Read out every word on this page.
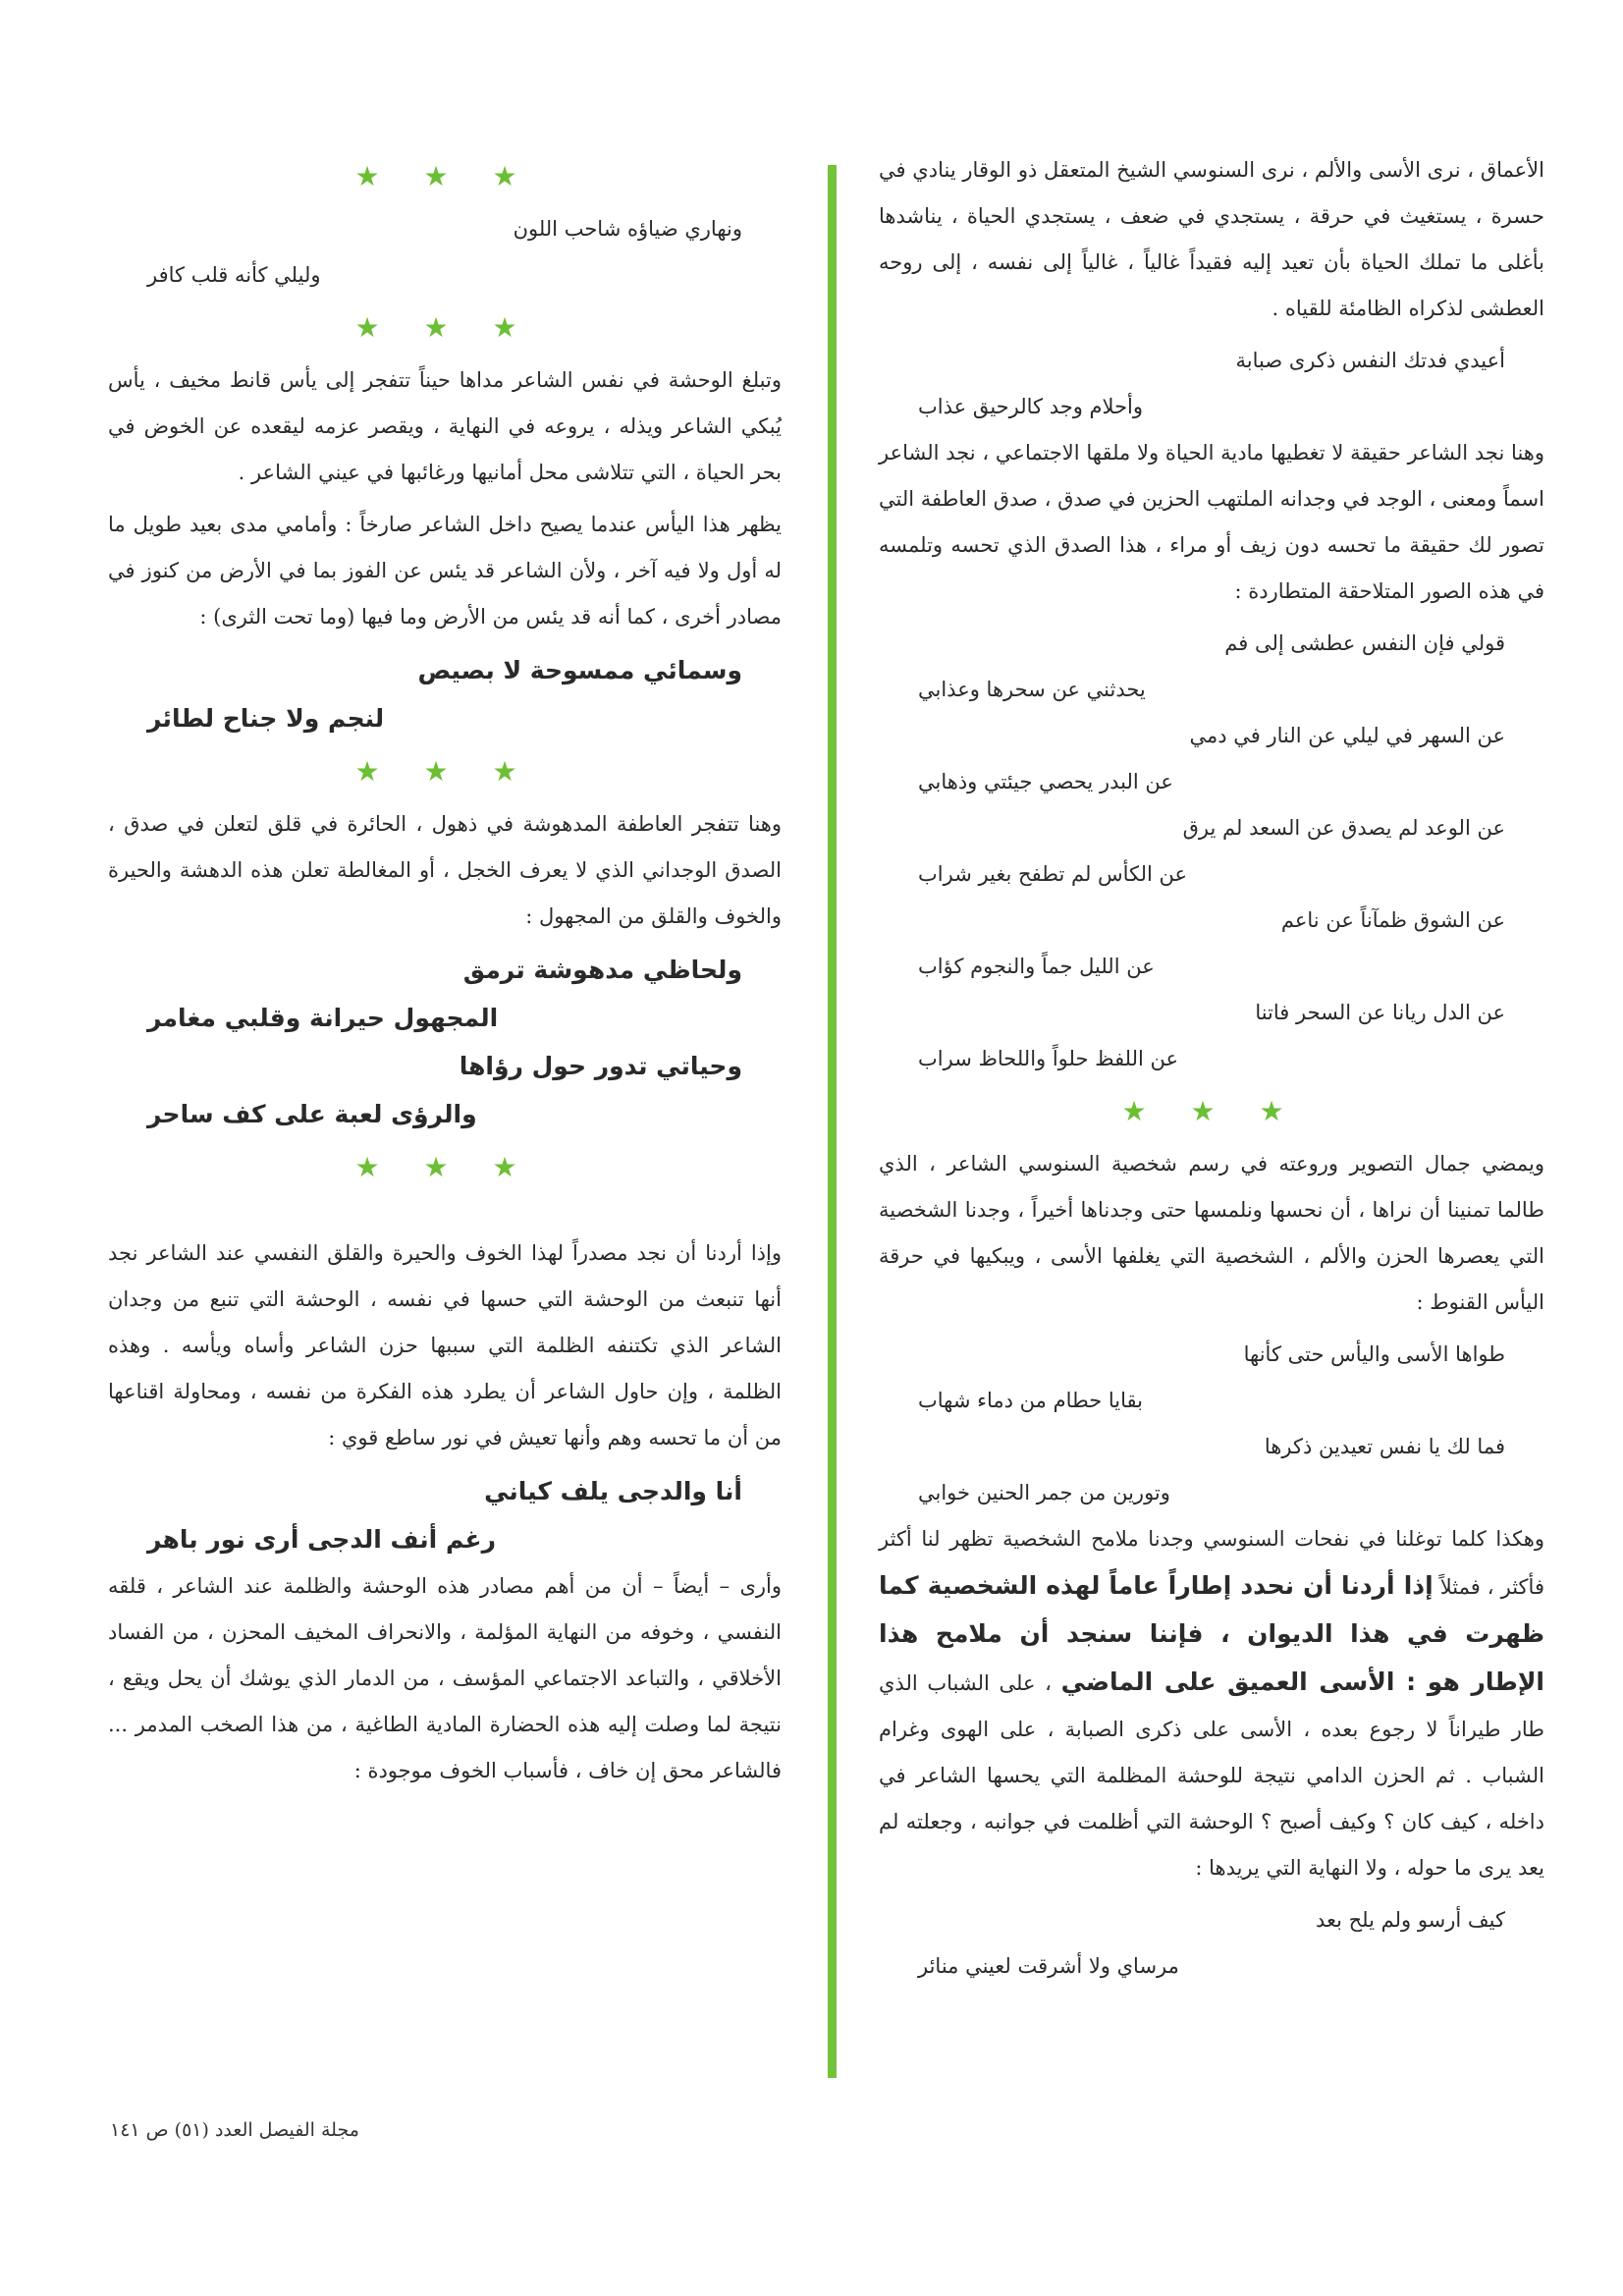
الأعماق ، نرى الأسى والألم ، نرى السنوسي الشيخ المتعقل ذو الوقار ينادي في حسرة ، يستغيث في حرقة ، يستجدي في ضعف ، يستجدي الحياة ، يناشدها بأغلى ما تملك الحياة بأن تعيد إليه فقيداً غالياً ، غالياً إلى نفسه ، إلى روحه العطشى لذكراه الظامئة للقياه .

أعيدي فدتك النفس ذكرى صبابة

وأحلام وجد كالرحيق عذاب

وهنا نجد الشاعر حقيقة لا تغطيها مادية الحياة ولا ملقها الاجتماعي ، نجد الشاعر اسماً ومعنى ، الوجد في وجدانه الملتهب الحزين في صدق ، صدق العاطفة التي تصور لك حقيقة ما تحسه دون زيف أو مراء ، هذا الصدق الذي تحسه وتلمسه في هذه الصور المتلاحقة المتطاردة :

قولي فإن النفس عطشى إلى فم

يحدثني عن سحرها وعذابي

عن السهر في ليلي عن النار في دمي

عن البدر يحصي جيئتي وذهابي

عن الوعد لم يصدق عن السعد لم يرق

عن الكأس لم تطفح بغير شراب

عن الشوق ظمآناً عن ناعم

عن الليل جماً والنجوم كؤاب

عن الدل ريانا عن السحر فاتنا

عن اللفظ حلواً واللحاظ سراب

★ ★ ★

ويمضي جمال التصوير وروعته في رسم شخصية السنوسي الشاعر ، الذي طالما تمنينا أن نراها ، أن نحسها ونلمسها حتى وجدناها أخيراً ، وجدنا الشخصية التي يعصرها الحزن والألم ، الشخصية التي يغلفها الأسى ، ويبكيها في حرقة اليأس القنوط :

طواها الأسى واليأس حتى كأنها

بقايا حطام من دماء شهاب

فما لك يا نفس تعيدين ذكرها

وتورين من جمر الحنين خوابي

وهكذا كلما توغلنا في نفحات السنوسي وجدنا ملامح الشخصية تظهر لنا أكثر فأكثر ، فمثلاً إذا أردنا أن نحدد إطاراً عاماً لهذه الشخصية كما ظهرت في هذا الديوان ، فإننا سنجد أن ملامح هذا الإطار هو : الأسى العميق على الماضي ، على الشباب الذي طار طيراناً لا رجوع بعده ، الأسى على ذكرى الصبابة ، على الهوى وغرام الشباب . ثم الحزن الدامي نتيجة للوحشة المظلمة التي يحسها الشاعر في داخله ، كيف كان ؟ وكيف أصبح ؟ الوحشة التي أظلمت في جوانبه ، وجعلته لم يعد يرى ما حوله ، ولا النهاية التي يريدها :

كيف أرسو ولم يلح بعد

مرساي ولا أشرقت لعيني منائر

★ ★ ★

ونهاري ضياؤه شاحب اللون

وليلي كأنه قلب كافر

★ ★ ★

وتبلغ الوحشة في نفس الشاعر مداها حيناً تتفجر إلى يأس قانط مخيف ، يأس يُبكي الشاعر ويذله ، يروعه في النهاية ، ويقصر عزمه ليقعده عن الخوض في بحر الحياة ، التي تتلاشى محل أمانيها ورغائبها في عيني الشاعر .

يظهر هذا اليأس عندما يصيح داخل الشاعر صارخاً : وأمامي مدى بعيد طويل ما له أول ولا فيه آخر ، ولأن الشاعر قد يئس عن الفوز بما في الأرض من كنوز في مصادر أخرى ، كما أنه قد يئس من الأرض وما فيها (وما تحت الثرى) :

وسمائي ممسوحة لا بصيص

لنجم ولا جناح لطائر

★ ★ ★

وهنا تتفجر العاطفة المدهوشة في ذهول ، الحائرة في قلق لتعلن في صدق ، الصدق الوجداني الذي لا يعرف الخجل ، أو المغالطة تعلن هذه الدهشة والحيرة والخوف والقلق من المجهول :

ولحاظي مدهوشة ترمق

المجهول حيرانة وقلبي مغامر

وحياتي تدور حول رؤاها

والرؤى لعبة على كف ساحر

★ ★ ★

وإذا أردنا أن نجد مصدراً لهذا الخوف والحيرة والقلق النفسي عند الشاعر نجد أنها تنبعث من الوحشة التي حسها في نفسه ، الوحشة التي تنبع من وجدان الشاعر الذي تكتنفه الظلمة التي سببها حزن الشاعر وأساه ويأسه . وهذه الظلمة ، وإن حاول الشاعر أن يطرد هذه الفكرة من نفسه ، ومحاولة اقناعها من أن ما تحسه وهم وأنها تعيش في نور ساطع قوي :

أنا والدجى يلف كياني

رغم أنف الدجى أرى نور باهر

وأرى – أيضاً – أن من أهم مصادر هذه الوحشة والظلمة عند الشاعر ، قلقه النفسي ، وخوفه من النهاية المؤلمة ، والانحراف المخيف المحزن ، من الفساد الأخلاقي ، والتباعد الاجتماعي المؤسف ، من الدمار الذي يوشك أن يحل ويقع ، نتيجة لما وصلت إليه هذه الحضارة المادية الطاغية ، من هذا الصخب المدمر ... فالشاعر محق إن خاف ، فأسباب الخوف موجودة :

مجلة الفيصل العدد (٥١) ص ١٤١
